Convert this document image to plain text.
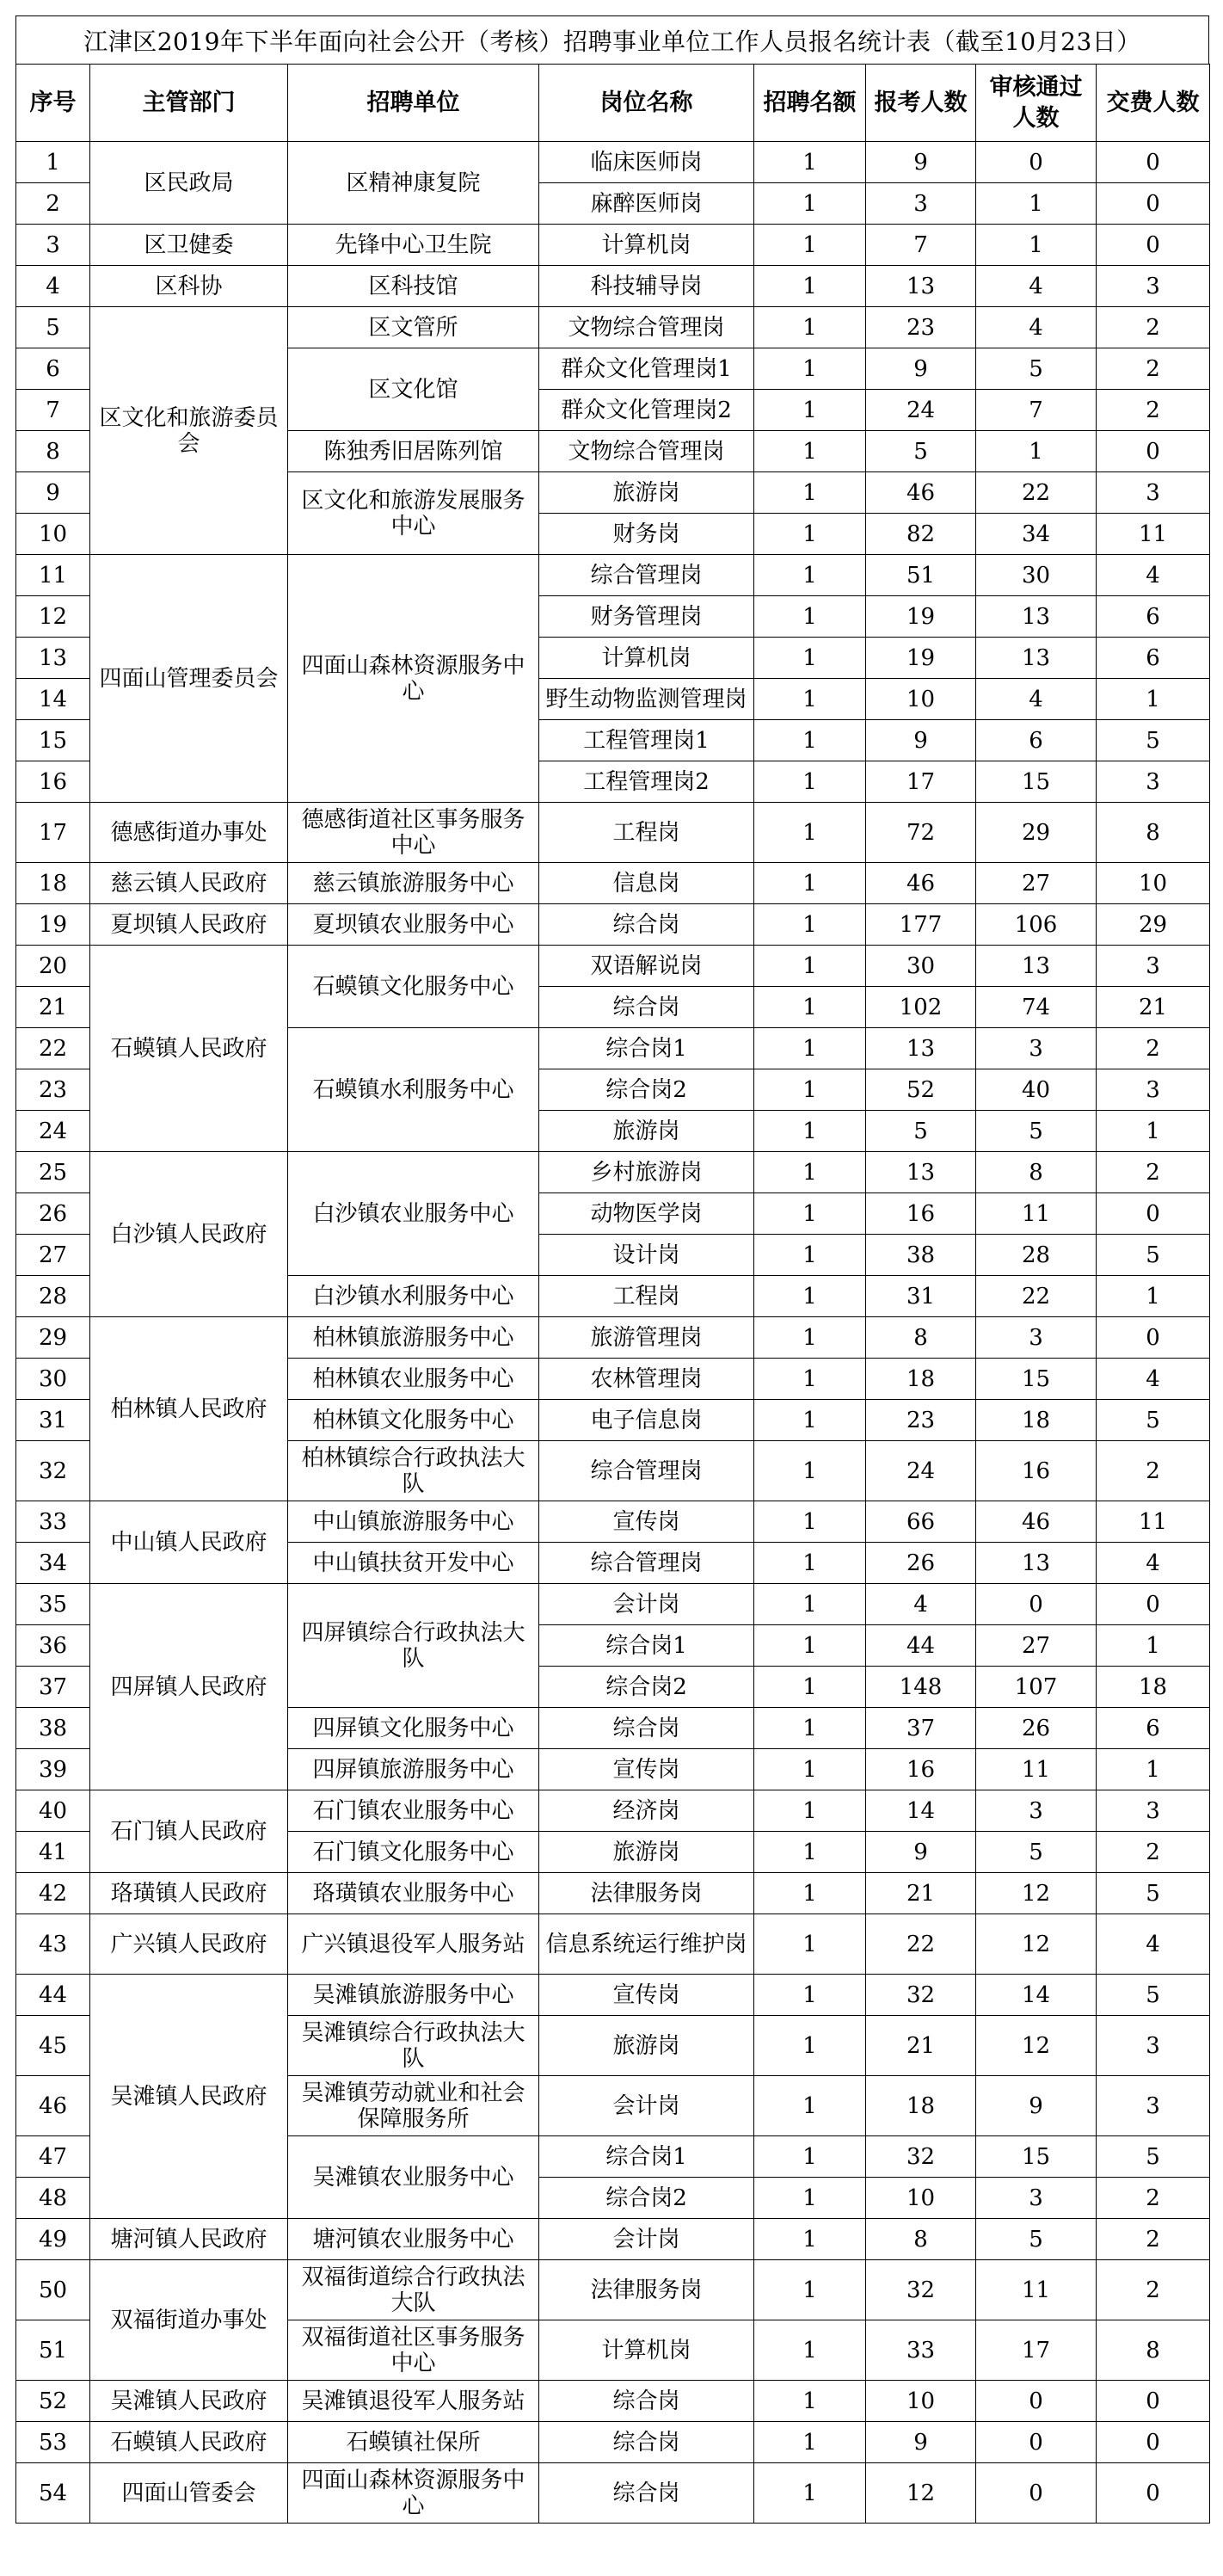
江津区2019年下半年面向社会公开（考核）招聘事业单位工作人员报名统计表（截至10月23日）
序号	主管部门	招聘单位	岗位名称	招聘名额	报考人数	审核通过人数	交费人数
1	区民政局	区精神康复院	临床医师岗	1	9	0	0
2			麻醉医师岗	1	3	1	0
3	区卫健委	先锋中心卫生院	计算机岗	1	7	1	0
4	区科协	区科技馆	科技辅导岗	1	13	4	3
5	区文化和旅游委员会	区文管所	文物综合管理岗	1	23	4	2
6		区文化馆	群众文化管理岗1	1	9	5	2
7			群众文化管理岗2	1	24	7	2
8		陈独秀旧居陈列馆	文物综合管理岗	1	5	1	0
9		区文化和旅游发展服务中心	旅游岗	1	46	22	3
10			财务岗	1	82	34	11
11	四面山管理委员会	四面山森林资源服务中心	综合管理岗	1	51	30	4
12			财务管理岗	1	19	13	6
13			计算机岗	1	19	13	6
14			野生动物监测管理岗	1	10	4	1
15			工程管理岗1	1	9	6	5
16			工程管理岗2	1	17	15	3
17	德感街道办事处	德感街道社区事务服务中心	工程岗	1	72	29	8
18	慈云镇人民政府	慈云镇旅游服务中心	信息岗	1	46	27	10
19	夏坝镇人民政府	夏坝镇农业服务中心	综合岗	1	177	106	29
20	石蟆镇人民政府	石蟆镇文化服务中心	双语解说岗	1	30	13	3
21			综合岗	1	102	74	21
22		石蟆镇水利服务中心	综合岗1	1	13	3	2
23			综合岗2	1	52	40	3
24			旅游岗	1	5	5	1
25	白沙镇人民政府	白沙镇农业服务中心	乡村旅游岗	1	13	8	2
26			动物医学岗	1	16	11	0
27			设计岗	1	38	28	5
28		白沙镇水利服务中心	工程岗	1	31	22	1
29	柏林镇人民政府	柏林镇旅游服务中心	旅游管理岗	1	8	3	0
30		柏林镇农业服务中心	农林管理岗	1	18	15	4
31		柏林镇文化服务中心	电子信息岗	1	23	18	5
32		柏林镇综合行政执法大队	综合管理岗	1	24	16	2
33	中山镇人民政府	中山镇旅游服务中心	宣传岗	1	66	46	11
34		中山镇扶贫开发中心	综合管理岗	1	26	13	4
35	四屏镇人民政府	四屏镇综合行政执法大队	会计岗	1	4	0	0
36			综合岗1	1	44	27	1
37			综合岗2	1	148	107	18
38		四屏镇文化服务中心	综合岗	1	37	26	6
39		四屏镇旅游服务中心	宣传岗	1	16	11	1
40	石门镇人民政府	石门镇农业服务中心	经济岗	1	14	3	3
41		石门镇文化服务中心	旅游岗	1	9	5	2
42	珞璜镇人民政府	珞璜镇农业服务中心	法律服务岗	1	21	12	5
43	广兴镇人民政府	广兴镇退役军人服务站	信息系统运行维护岗	1	22	12	4
44	吴滩镇人民政府	吴滩镇旅游服务中心	宣传岗	1	32	14	5
45		吴滩镇综合行政执法大队	旅游岗	1	21	12	3
46		吴滩镇劳动就业和社会保障服务所	会计岗	1	18	9	3
47		吴滩镇农业服务中心	综合岗1	1	32	15	5
48			综合岗2	1	10	3	2
49	塘河镇人民政府	塘河镇农业服务中心	会计岗	1	8	5	2
50	双福街道办事处	双福街道综合行政执法大队	法律服务岗	1	32	11	2
51		双福街道社区事务服务中心	计算机岗	1	33	17	8
52	吴滩镇人民政府	吴滩镇退役军人服务站	综合岗	1	10	0	0
53	石蟆镇人民政府	石蟆镇社保所	综合岗	1	9	0	0
54	四面山管委会	四面山森林资源服务中心	综合岗	1	12	0	0
